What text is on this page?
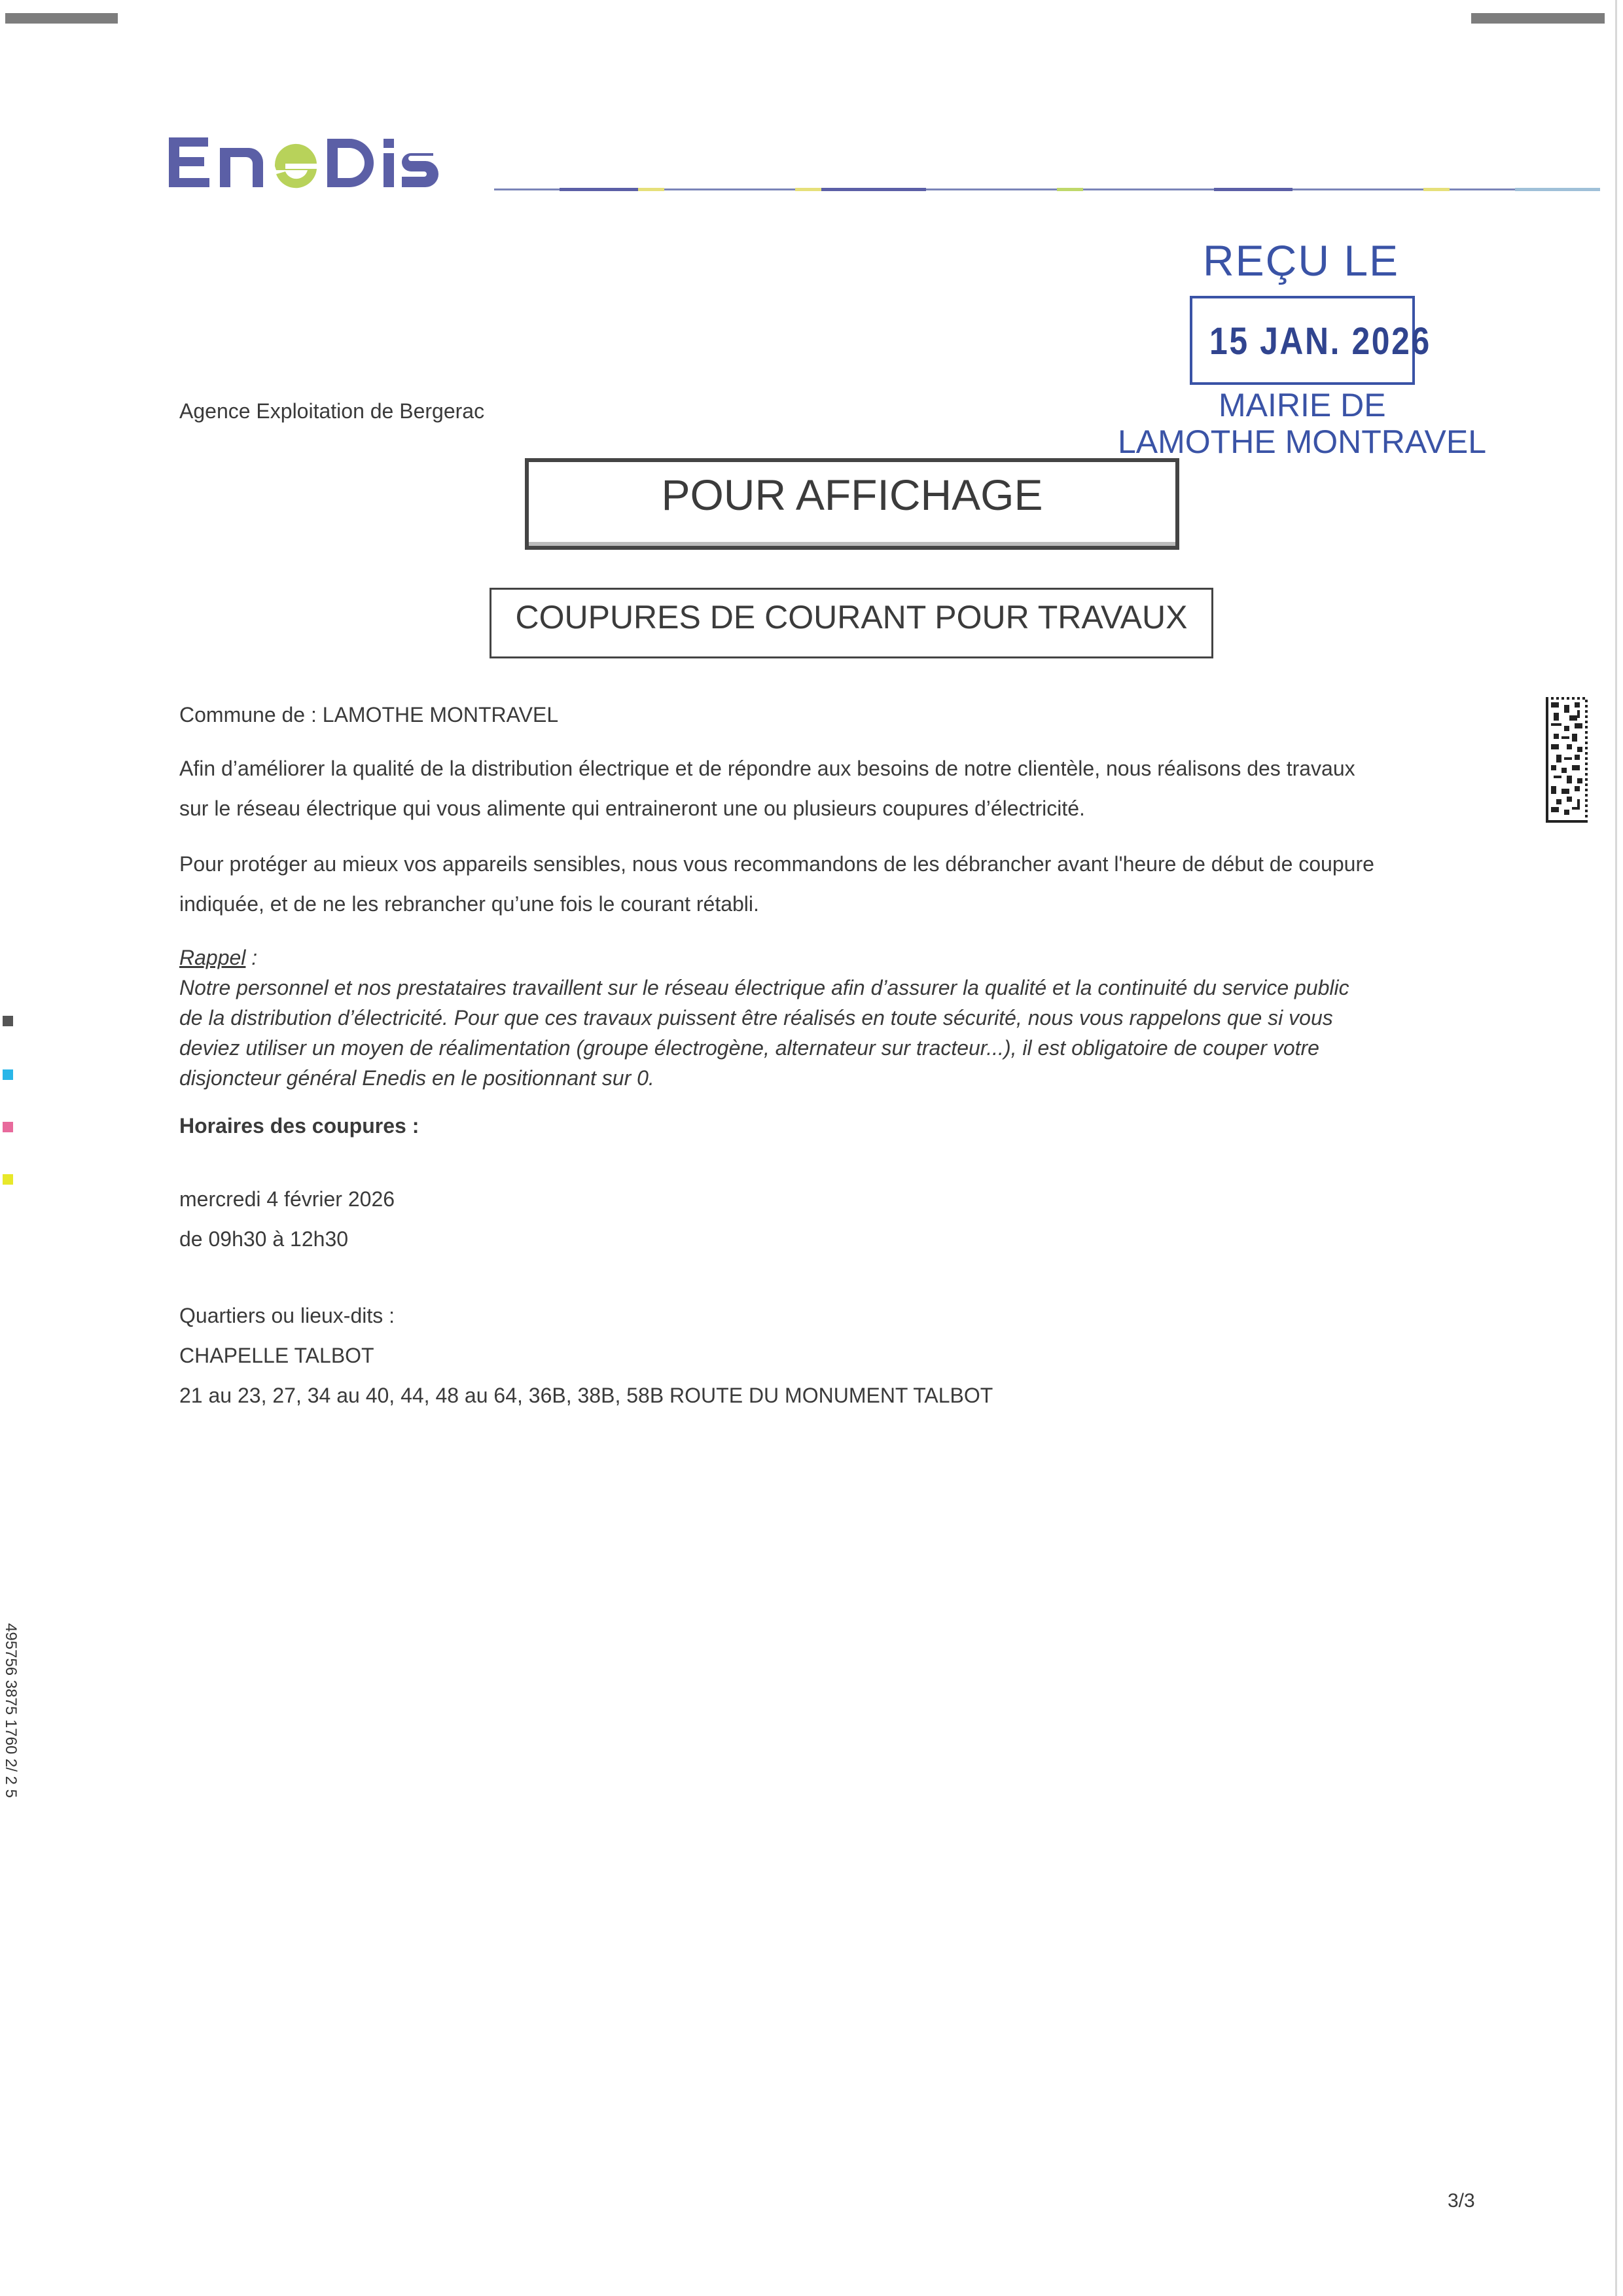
REÇU LE
15 JAN. 2026
MAIRIE DE
LAMOTHE MONTRAVEL
Agence Exploitation de Bergerac
POUR AFFICHAGE
COUPURES DE COURANT POUR TRAVAUX
Commune de : LAMOTHE MONTRAVEL
Afin d’améliorer la qualité de la distribution électrique et de répondre aux besoins de notre clientèle, nous réalisons des travaux
sur le réseau électrique qui vous alimente qui entraineront une ou plusieurs coupures d’électricité.
Pour protéger au mieux vos appareils sensibles, nous vous recommandons de les débrancher avant l'heure de début de coupure
indiquée, et de ne les rebrancher qu’une fois le courant rétabli.
Rappel :
Notre personnel et nos prestataires travaillent sur le réseau électrique afin d’assurer la qualité et la continuité du service public
de la distribution d’électricité. Pour que ces travaux puissent être réalisés en toute sécurité, nous vous rappelons que si vous
deviez utiliser un moyen de réalimentation (groupe électrogène, alternateur sur tracteur...), il est obligatoire de couper votre
disjoncteur général Enedis en le positionnant sur 0.
Horaires des coupures :
mercredi 4 février 2026
de 09h30 à 12h30
Quartiers ou lieux-dits :
CHAPELLE TALBOT
21 au 23, 27, 34 au 40, 44, 48 au 64, 36B, 38B, 58B ROUTE DU MONUMENT TALBOT
495756 3875 1760 2/ 2 5
3/3
